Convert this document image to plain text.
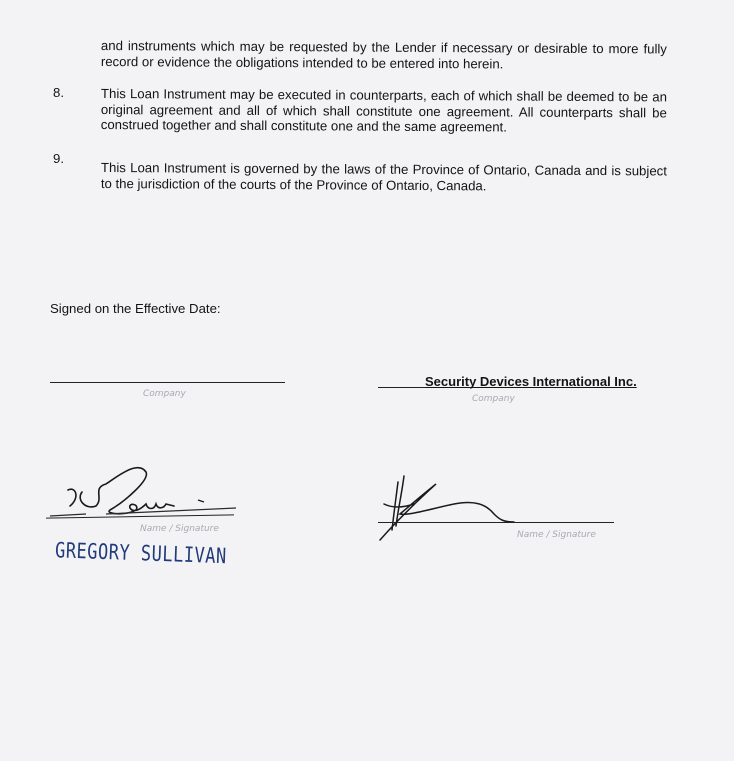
and instruments which may be requested by the Lender if necessary or desirable to more fully record or evidence the obligations intended to be entered into herein.
8.	This Loan Instrument may be executed in counterparts, each of which shall be deemed to be an original agreement and all of which shall constitute one agreement. All counterparts shall be construed together and shall constitute one and the same agreement.
9.
This Loan Instrument is governed by the laws of the Province of Ontario, Canada and is subject to the jurisdiction of the courts of the Province of Ontario, Canada.
Signed on the Effective Date:
Company
Name / Signature
GREGORY SULLIVAN
Security Devices International Inc.
Company
Name / Signature
